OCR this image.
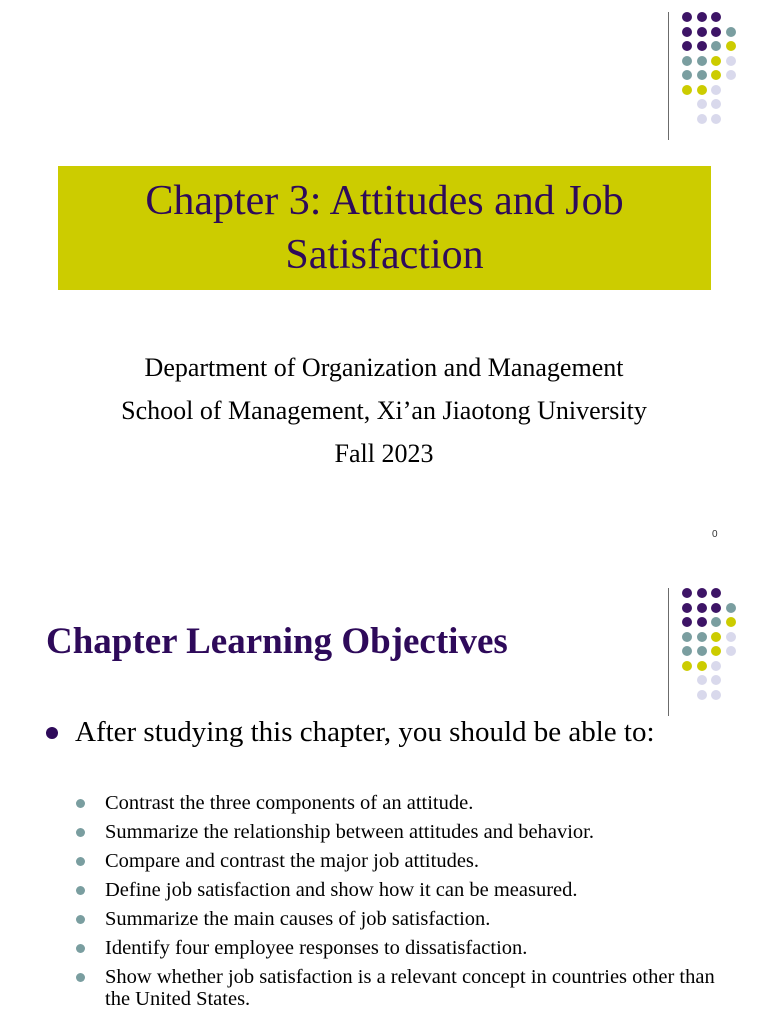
Chapter 3: Attitudes and Job Satisfaction
Department of Organization and Management
School of Management, Xi’an Jiaotong University
Fall 2023
0
Chapter Learning Objectives
After studying this chapter, you should be able to:
Contrast the three components of an attitude.
Summarize the relationship between attitudes and behavior.
Compare and contrast the major job attitudes.
Define job satisfaction and show how it can be measured.
Summarize the main causes of job satisfaction.
Identify four employee responses to dissatisfaction.
Show whether job satisfaction is a relevant concept in countries other than the United States.
